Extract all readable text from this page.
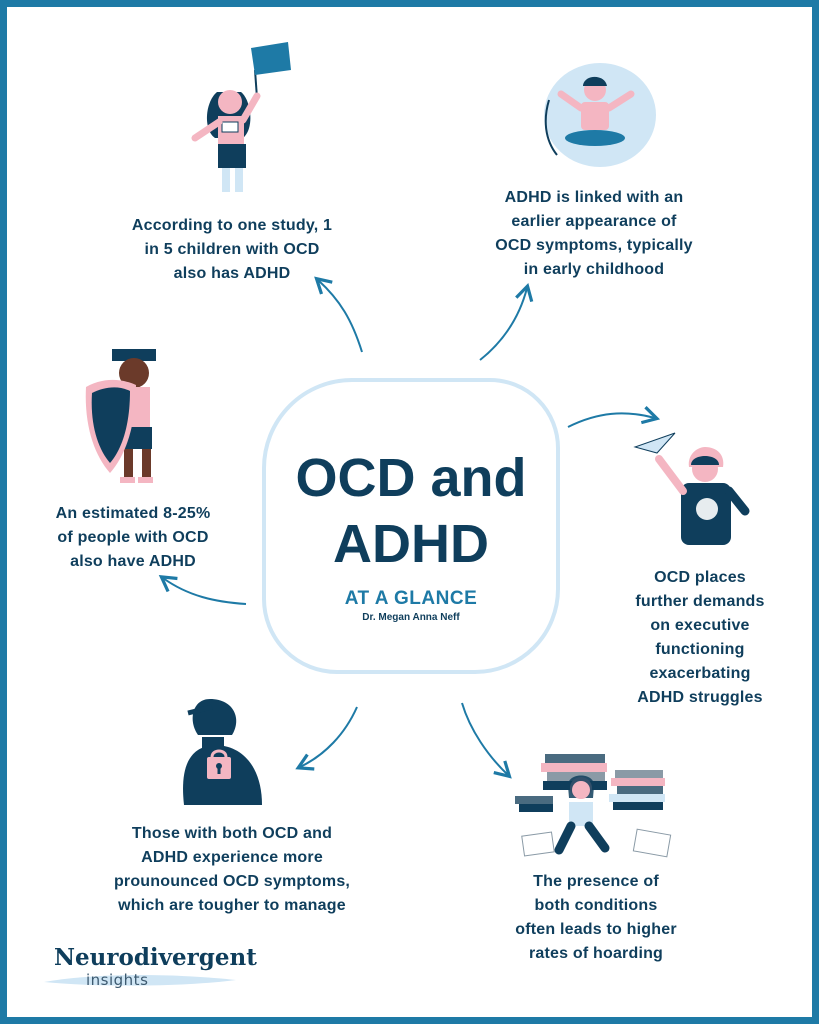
OCD and
ADHD
AT A GLANCE
Dr. Megan Anna Neff
According to one study, 1
in 5 children with OCD
also has ADHD
ADHD is linked with an
earlier appearance of
OCD symptoms, typically
in early childhood
OCD places
further demands
on executive
functioning
exacerbating
ADHD struggles
The presence of
both conditions
often leads to higher
rates of hoarding
Those with both OCD and
ADHD experience more
prounounced OCD symptoms,
which are tougher to manage
An estimated 8-25%
of people with OCD
also have ADHD
Neurodivergent
insights
